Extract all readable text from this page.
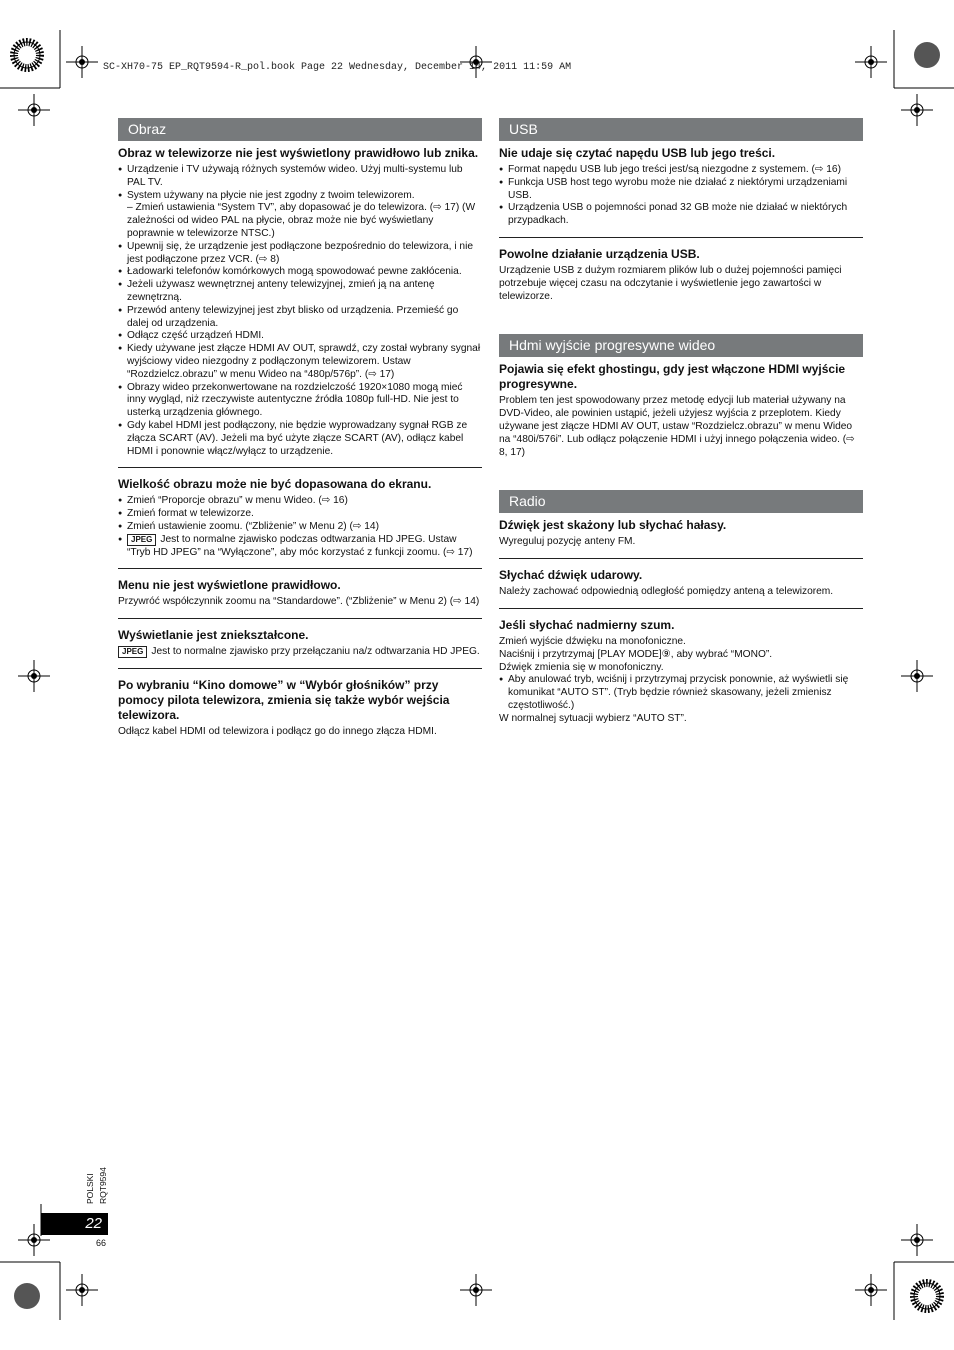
SC-XH70-75 EP_RQT9594-R_pol.book Page 22 Wednesday, December 14, 2011 11:59 AM
Obraz

Obraz w telewizorze nie jest wyświetlony prawidłowo lub znika.

● Urządzenie i TV używają różnych systemów wideo. Użyj multi-systemu lub PAL TV.
● System używany na płycie nie jest zgodny z twoim telewizorem.
– Zmień ustawienia “System TV”, aby dopasować je do telewizora. (⇨ 17) (W zależności od wideo PAL na płycie, obraz może nie być wyświetlany poprawnie w telewizorze NTSC.)
● Upewnij się, że urządzenie jest podłączone bezpośrednio do telewizora, i nie jest podłączone przez VCR. (⇨ 8)
● Ładowarki telefonów komórkowych mogą spowodować pewne zakłócenia.
● Jeżeli używasz wewnętrznej anteny telewizyjnej, zmień ją na antenę zewnętrzną.
● Przewód anteny telewizyjnej jest zbyt blisko od urządzenia. Przemieść go dalej od urządzenia.
● Odłącz część urządzeń HDMI.
● Kiedy używane jest złącze HDMI AV OUT, sprawdź, czy został wybrany sygnał wyjściowy video niezgodny z podłączonym telewizorem. Ustaw “Rozdzielcz.obrazu” w menu Wideo na “480p/576p”. (⇨ 17)
● Obrazy wideo przekonwertowane na rozdzielczość 1920×1080 mogą mieć inny wygląd, niż rzeczywiste autentyczne źródła 1080p full-HD. Nie jest to usterką urządzenia głównego.
● Gdy kabel HDMI jest podłączony, nie będzie wyprowadzany sygnał RGB ze złącza SCART (AV). Jeżeli ma być użyte złącze SCART (AV), odłącz kabel HDMI i ponownie włącz/wyłącz to urządzenie.

Wielkość obrazu może nie być dopasowana do ekranu.

● Zmień “Proporcje obrazu” w menu Wideo. (⇨ 16)
● Zmień format w telewizorze.
● Zmień ustawienie zoomu. (“Zbliżenie” w Menu 2) (⇨ 14)
● JPEG Jest to normalne zjawisko podczas odtwarzania HD JPEG. Ustaw “Tryb HD JPEG” na “Wyłączone”, aby móc korzystać z funkcji zoomu. (⇨ 17)

Menu nie jest wyświetlone prawidłowo.

Przywróć współczynnik zoomu na “Standardowe”. (“Zbliżenie” w Menu 2) (⇨ 14)

Wyświetlanie jest zniekształcone.

JPEG Jest to normalne zjawisko przy przełączaniu na/z odtwarzania HD JPEG.

Po wybraniu “Kino domowe” w “Wybór głośników” przy pomocy pilota telewizora, zmienia się także wybór wejścia telewizora.

Odłącz kabel HDMI od telewizora i podłącz go do innego złącza HDMI.
USB

Nie udaje się czytać napędu USB lub jego treści.

● Format napędu USB lub jego treści jest/są niezgodne z systemem. (⇨ 16)
● Funkcja USB host tego wyrobu może nie działać z niektórymi urządzeniami USB.
● Urządzenia USB o pojemności ponad 32 GB może nie działać w niektórych przypadkach.

Powolne działanie urządzenia USB.

Urządzenie USB z dużym rozmiarem plików lub o dużej pojemności pamięci potrzebuje więcej czasu na odczytanie i wyświetlenie jego zawartości w telewizorze.
Hdmi wyjście progresywne wideo

Pojawia się efekt ghostingu, gdy jest włączone HDMI wyjście progresywne.

Problem ten jest spowodowany przez metodę edycji lub materiał używany na DVD-Video, ale powinien ustąpić, jeżeli użyjesz wyjścia z przeplotem. Kiedy używane jest złącze HDMI AV OUT, ustaw “Rozdzielcz.obrazu” w menu Wideo na “480i/576i”. Lub odłącz połączenie HDMI i użyj innego połączenia wideo. (⇨ 8, 17)
Radio

Dźwięk jest skażony lub słychać hałasy.

Wyreguluj pozycję anteny FM.

Słychać dźwięk udarowy.

Należy zachować odpowiednią odległość pomiędzy anteną a telewizorem.

Jeśli słychać nadmierny szum.

Zmień wyjście dźwięku na monofoniczne.

Naciśnij i przytrzymaj [PLAY MODE]⑨, aby wybrać “MONO”.

Dźwięk zmienia się w monofoniczny.

● Aby anulować tryb, wciśnij i przytrzymaj przycisk ponownie, aż wyświetli się komunikat “AUTO ST”. (Tryb będzie również skasowany, jeżeli zmienisz częstotliwość.)

W normalnej sytuacji wybierz “AUTO ST”.

POLSKI RQT9594
22
66
